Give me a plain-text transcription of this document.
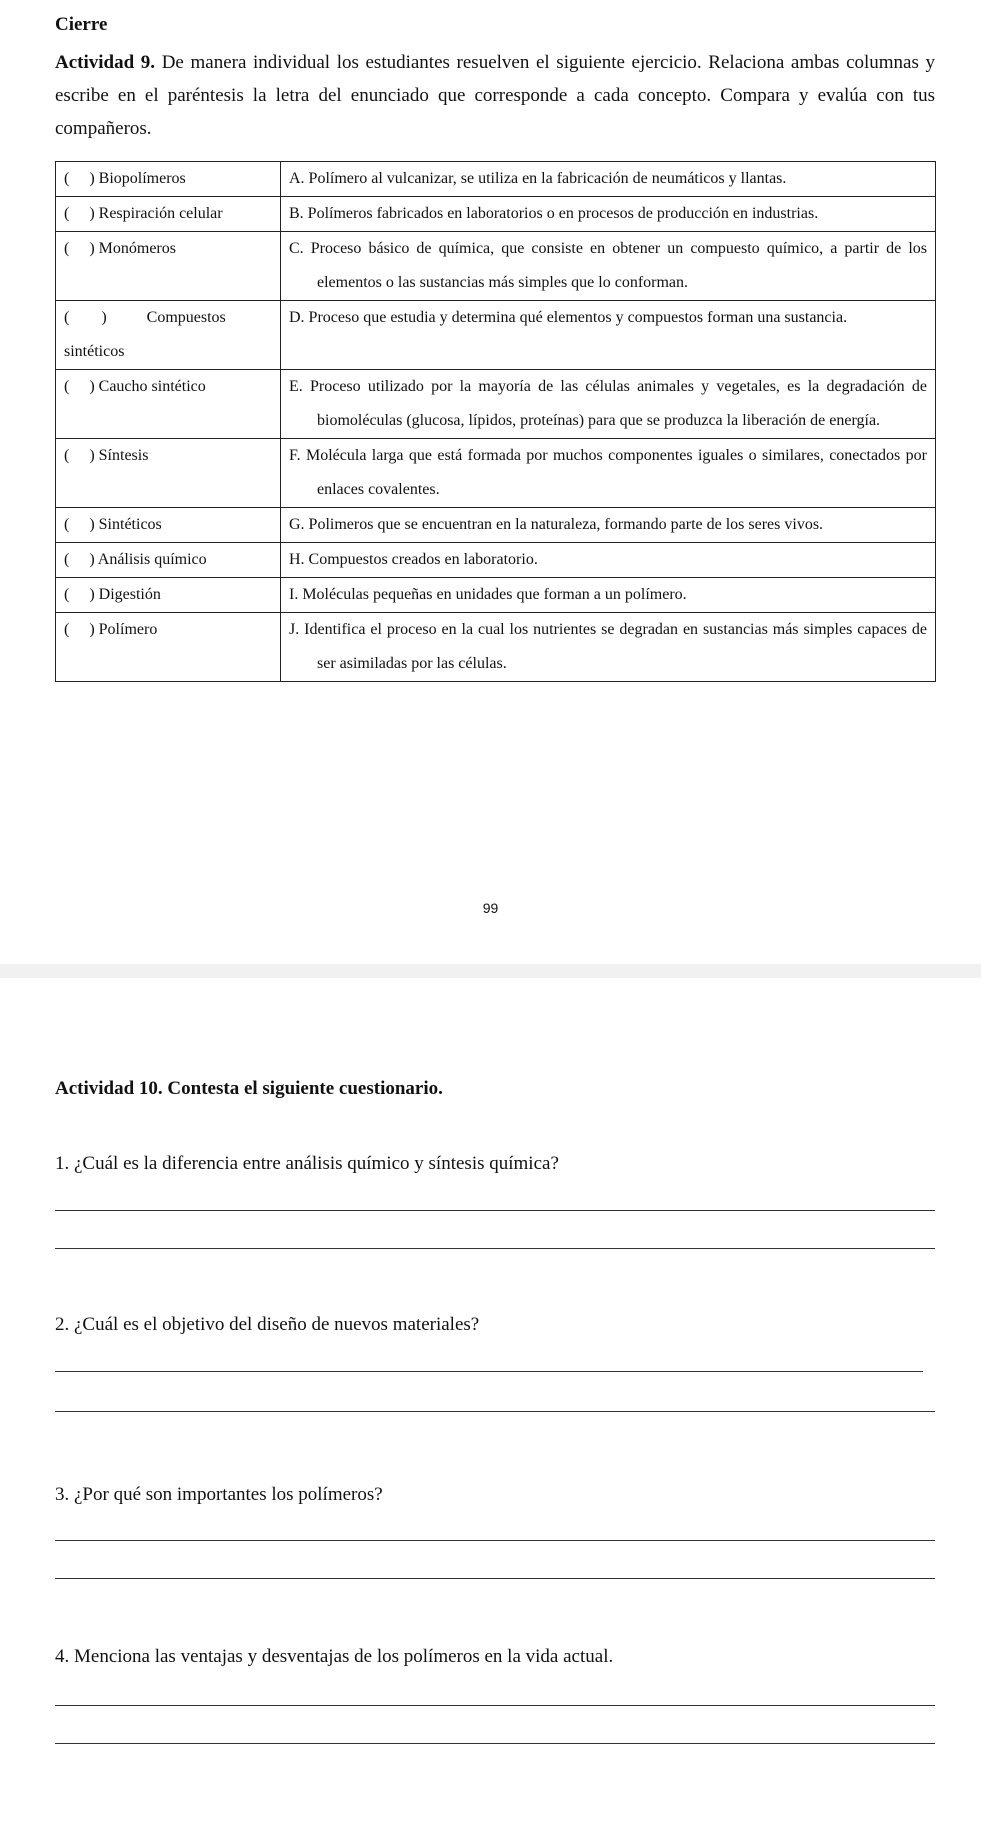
Cierre

Actividad 9. De manera individual los estudiantes resuelven el siguiente ejercicio. Relaciona ambas columnas y escribe en el paréntesis la letra del enunciado que corresponde a cada concepto. Compara y evalúa con tus compañeros.

(     ) Biopolímeros	A. Polímero al vulcanizar, se utiliza en la fabricación de neumáticos y llantas.
(     ) Respiración celular	B. Polímeros fabricados en laboratorios o en procesos de producción en industrias.
(     ) Monómeros	C. Proceso básico de química, que consiste en obtener un compuesto químico, a partir de los elementos o las sustancias más simples que lo conforman.
(        )          Compuestos sintéticos	D. Proceso que estudia y determina qué elementos y compuestos forman una sustancia.
(     ) Caucho sintético	E. Proceso utilizado por la mayoría de las células animales y vegetales, es la degradación de biomoléculas (glucosa, lípidos, proteínas) para que se produzca la liberación de energía.
(     ) Síntesis	F. Molécula larga que está formada por muchos componentes iguales o similares, conectados por enlaces covalentes.
(     ) Sintéticos	G. Polimeros que se encuentran en la naturaleza, formando parte de los seres vivos.
(     ) Análisis químico	H. Compuestos creados en laboratorio.
(     ) Digestión	I. Moléculas pequeñas en unidades que forman a un polímero.
(     ) Polímero	J. Identifica el proceso en la cual los nutrientes se degradan en sustancias más simples capaces de ser asimiladas por las células.
99
Actividad 10. Contesta el siguiente cuestionario.
1. ¿Cuál es la diferencia entre análisis químico y síntesis química?
2. ¿Cuál es el objetivo del diseño de nuevos materiales?
3. ¿Por qué son importantes los polímeros?
4. Menciona las ventajas y desventajas de los polímeros en la vida actual.
